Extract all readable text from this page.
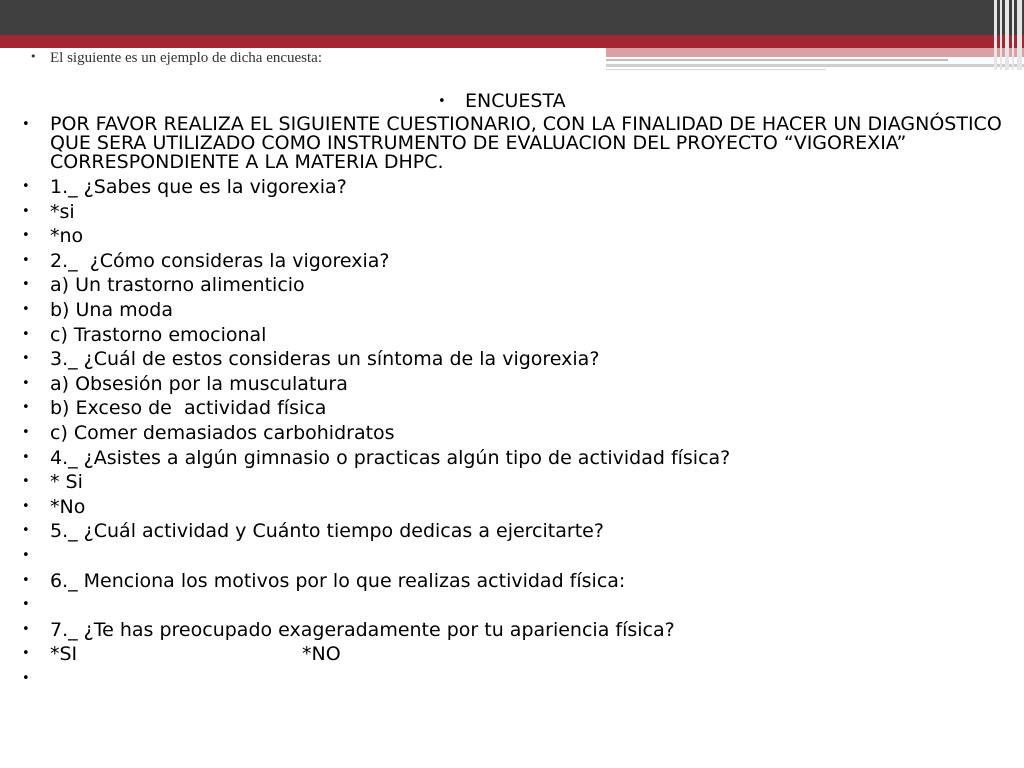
• El siguiente es un ejemplo de dicha encuesta:
• ENCUESTA
• POR FAVOR REALIZA EL SIGUIENTE CUESTIONARIO, CON LA FINALIDAD DE HACER UN DIAGNÓSTICO QUE SERA UTILIZADO COMO INSTRUMENTO DE EVALUACION DEL PROYECTO “VIGOREXIA” CORRESPONDIENTE A LA MATERIA DHPC.
• 1._ ¿Sabes que es la vigorexia?
• *si
• *no
• 2._  ¿Cómo consideras la vigorexia?
• a) Un trastorno alimenticio
• b) Una moda
• c) Trastorno emocional
• 3._ ¿Cuál de estos consideras un síntoma de la vigorexia?
• a) Obsesión por la musculatura
• b) Exceso de  actividad física
• c) Comer demasiados carbohidratos
• 4._ ¿Asistes a algún gimnasio o practicas algún tipo de actividad física?
• * Si
• *No
• 5._ ¿Cuál actividad y Cuánto tiempo dedicas a ejercitarte?
•
• 6._ Menciona los motivos por lo que realizas actividad física:
•
• 7._ ¿Te has preocupado exageradamente por tu apariencia física?
• *SI	*NO
•
